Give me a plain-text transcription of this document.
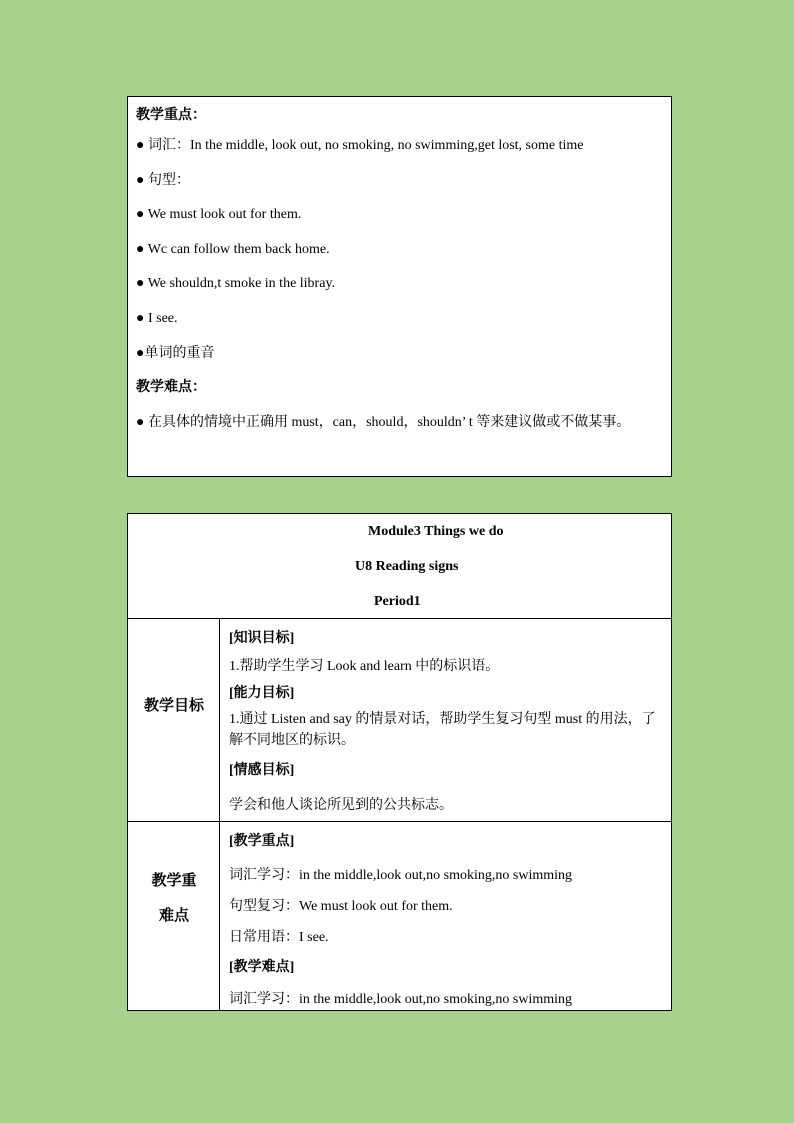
教学重点：
● 词汇：In the middle, look out, no smoking, no swimming,get lost, some time
● 句型：
● We must look out for them.
● Wc can follow them back home.
● We shouldn,t smoke in the libray.
● I see.
●单词的重音
教学难点：
● 在具体的情境中正确用 must，can，should，shouldn’ t 等来建议做或不做某事。
Module3 Things we do
U8 Reading signs
Period1
教学目标
[知识目标]
1.帮助学生学习 Look and learn 中的标识语。
[能力目标]
1.通过 Listen and say 的情景对话，帮助学生复习句型 must 的用法，了解不同地区的标识。
[情感目标]
学会和他人谈论所见到的公共标志。
教学重
难点
[教学重点]
词汇学习：in the middle,look out,no smoking,no swimming
句型复习：We must look out for them.
日常用语：I see.
[教学难点]
词汇学习：in the middle,look out,no smoking,no swimming
